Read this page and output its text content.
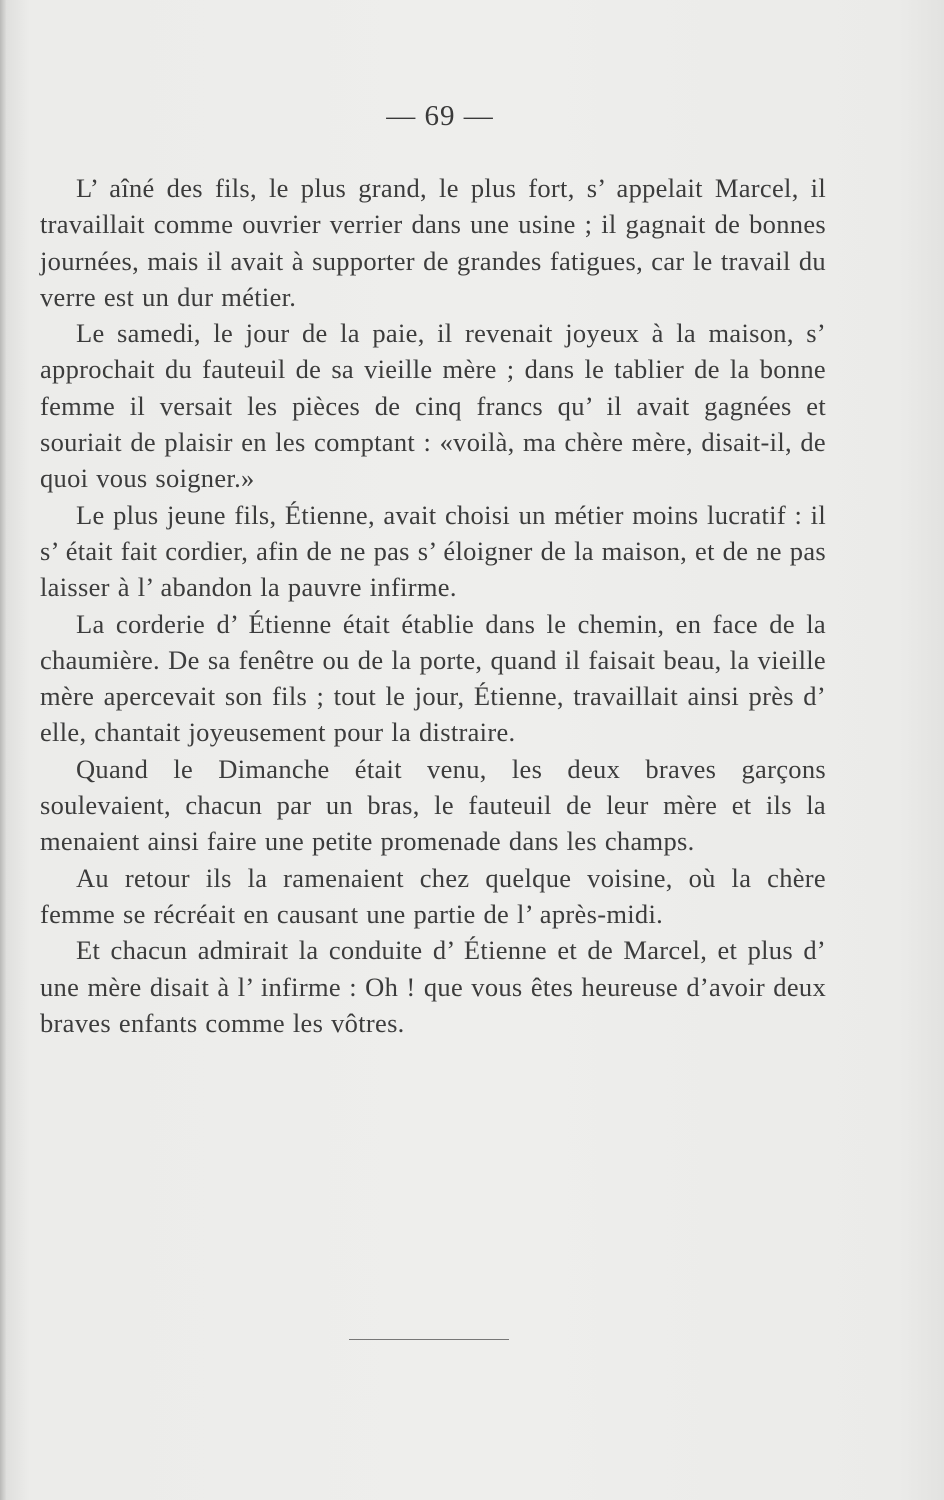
— 69 —

L’ aîné des fils, le plus grand, le plus fort, s’ appelait Marcel, il travaillait comme ouvrier verrier dans une usine ; il gagnait de bonnes journées, mais il avait à supporter de grandes fatigues, car le travail du verre est un dur métier.

Le samedi, le jour de la paie, il revenait joyeux à la maison, s’ approchait du fauteuil de sa vieille mère ; dans le tablier de la bonne femme il versait les pièces de cinq francs qu’ il avait gagnées et souriait de plaisir en les comptant : «voilà, ma chère mère, disait-il, de quoi vous soigner.»

Le plus jeune fils, Étienne, avait choisi un métier moins lucratif : il s’ était fait cordier, afin de ne pas s’ éloigner de la maison, et de ne pas laisser à l’ abandon la pauvre infirme.

La corderie d’ Étienne était établie dans le chemin, en face de la chaumière. De sa fenêtre ou de la porte, quand il faisait beau, la vieille mère apercevait son fils ; tout le jour, Étienne, travaillait ainsi près d’ elle, chantait joyeusement pour la distraire.

Quand le Dimanche était venu, les deux braves garçons soulevaient, chacun par un bras, le fauteuil de leur mère et ils la menaient ainsi faire une petite promenade dans les champs.

Au retour ils la ramenaient chez quelque voisine, où la chère femme se récréait en causant une partie de l’ après-midi.

Et chacun admirait la conduite d’ Étienne et de Marcel, et plus d’ une mère disait à l’ infirme : Oh ! que vous êtes heureuse d’avoir deux braves enfants comme les vôtres.
